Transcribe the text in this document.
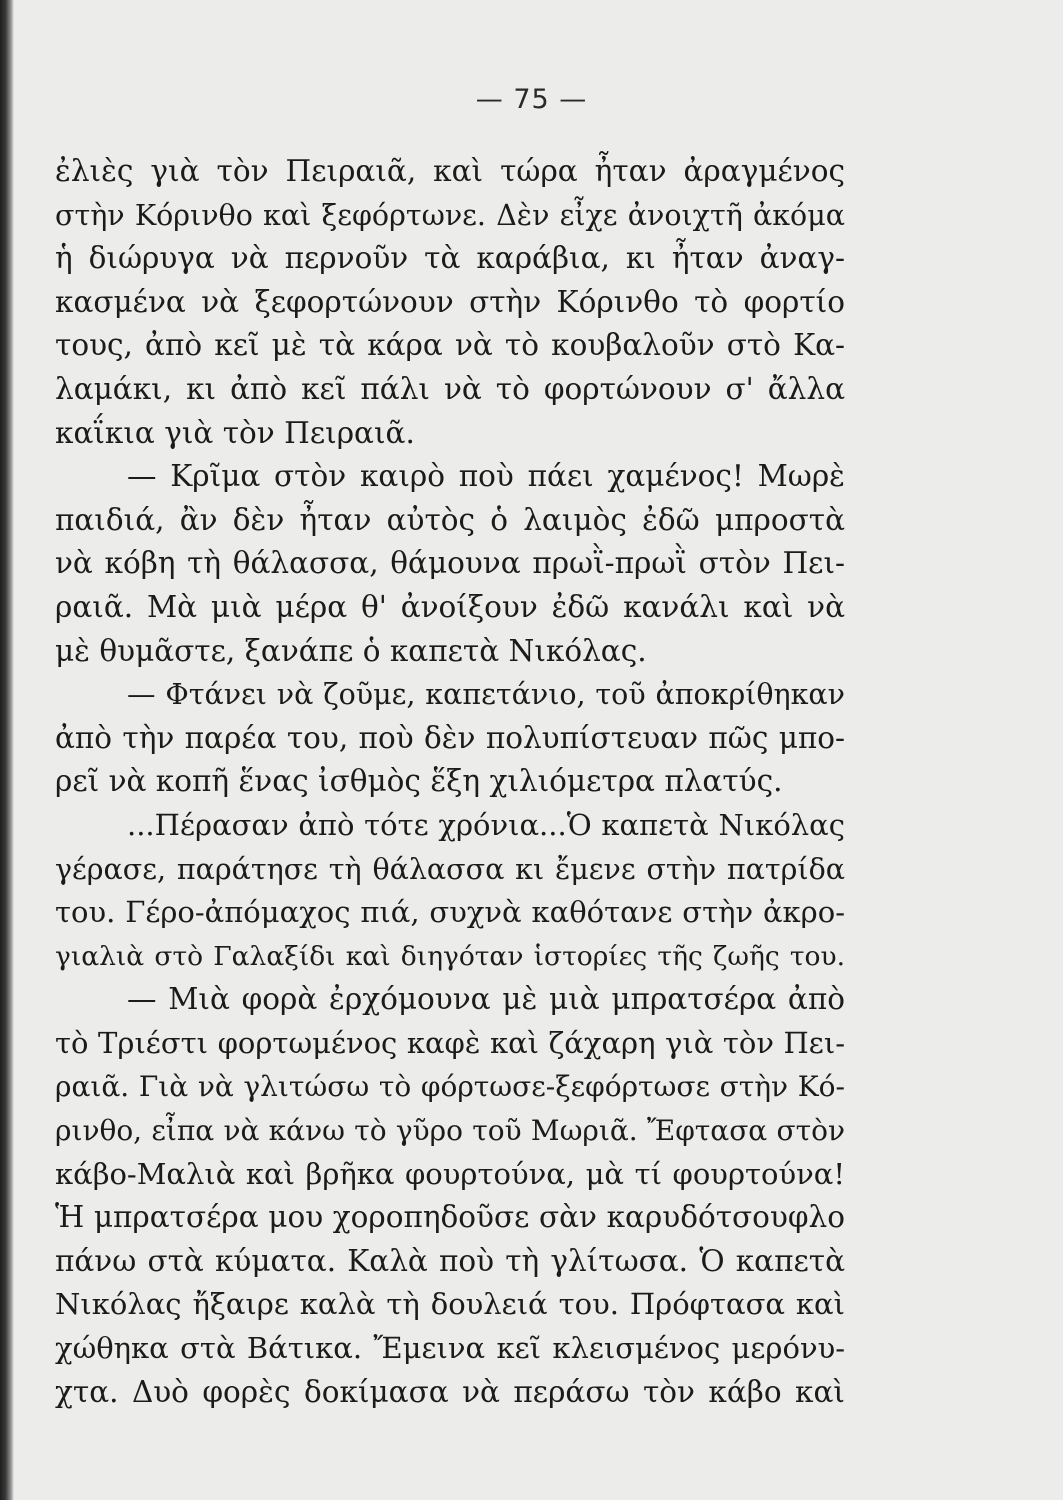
— 75 —
ἐλιὲς γιὰ τὸν Πειραιᾶ, καὶ τώρα ἦταν ἀραγμένος
στὴν Κόρινθο καὶ ξεφόρτωνε. Δὲν εἶχε ἀνοιχτῆ ἀκόμα
ἡ διώρυγα νὰ περνοῦν τὰ καράβια, κι ἦταν ἀναγ-
κασμένα νὰ ξεφορτώνουν στὴν Κόρινθο τὸ φορτίο
τους, ἀπὸ κεῖ μὲ τὰ κάρα νὰ τὸ κουβαλοῦν στὸ Κα-
λαμάκι, κι ἀπὸ κεῖ πάλι νὰ τὸ φορτώνουν σ' ἄλλα
καΐκια γιὰ τὸν Πειραιᾶ.
— Κρῖμα στὸν καιρὸ ποὺ πάει χαμένος! Μωρὲ
παιδιά, ἂν δὲν ἦταν αὐτὸς ὁ λαιμὸς ἐδῶ μπροστὰ
νὰ κόβη τὴ θάλασσα, θάμουνα πρωῒ-πρωῒ στὸν Πει-
ραιᾶ. Μὰ μιὰ μέρα θ' ἀνοίξουν ἐδῶ κανάλι καὶ νὰ
μὲ θυμᾶστε, ξανάπε ὁ καπετὰ Νικόλας.
— Φτάνει νὰ ζοῦμε, καπετάνιο, τοῦ ἀποκρίθηκαν
ἀπὸ τὴν παρέα του, ποὺ δὲν πολυπίστευαν πῶς μπο-
ρεῖ νὰ κοπῆ ἕνας ἰσθμὸς ἕξη χιλιόμετρα πλατύς.
...Πέρασαν ἀπὸ τότε χρόνια...Ὁ καπετὰ Νικόλας
γέρασε, παράτησε τὴ θάλασσα κι ἔμενε στὴν πατρίδα
του. Γέρο-ἀπόμαχος πιά, συχνὰ καθότανε στὴν ἀκρο-
γιαλιὰ στὸ Γαλαξίδι καὶ διηγόταν ἱστορίες τῆς ζωῆς του.
— Μιὰ φορὰ ἐρχόμουνα μὲ μιὰ μπρατσέρα ἀπὸ
τὸ Τριέστι φορτωμένος καφὲ καὶ ζάχαρη γιὰ τὸν Πει-
ραιᾶ. Γιὰ νὰ γλιτώσω τὸ φόρτωσε-ξεφόρτωσε στὴν Κό-
ρινθο, εἶπα νὰ κάνω τὸ γῦρο τοῦ Μωριᾶ. Ἔφτασα στὸν
κάβο-Μαλιὰ καὶ βρῆκα φουρτούνα, μὰ τί φουρτούνα!
Ἡ μπρατσέρα μου χοροπηδοῦσε σὰν καρυδότσουφλο
πάνω στὰ κύματα. Καλὰ ποὺ τὴ γλίτωσα. Ὁ καπετὰ
Νικόλας ἤξαιρε καλὰ τὴ δουλειά του. Πρόφτασα καὶ
χώθηκα στὰ Βάτικα. Ἔμεινα κεῖ κλεισμένος μερόνυ-
χτα. Δυὸ φορὲς δοκίμασα νὰ περάσω τὸν κάβο καὶ
